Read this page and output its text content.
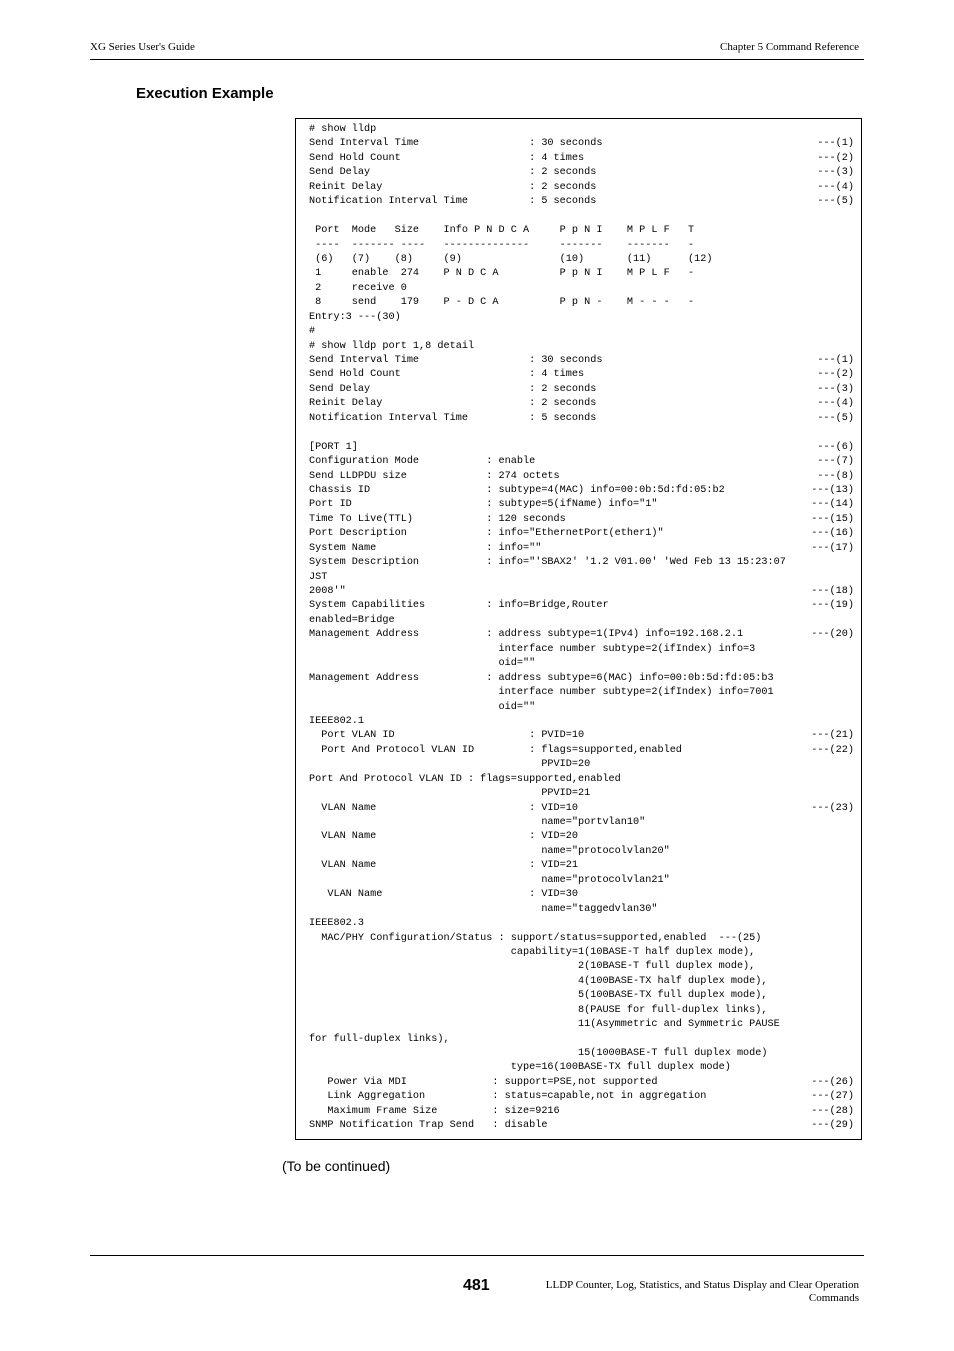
XG Series User's Guide	Chapter 5 Command Reference
Execution Example
# show lldp
Send Interval Time                  : 30 seconds	---(1)
Send Hold Count                     : 4 times	---(2)
Send Delay                          : 2 seconds	---(3)
Reinit Delay                        : 2 seconds	---(4)
Notification Interval Time          : 5 seconds	---(5)
Port  Mode   Size    Info P N D C A     P p N I    M P L F   T
----  ------- ----   --------------     -------    -------   -
(6)   (7)    (8)     (9)                (10)       (11)      (12)
1     enable  274    P N D C A          P p N I    M P L F   -
2     receive 0
8     send    179    P - D C A          P p N -    M - - -   -
Entry:3 ---(30)
#
# show lldp port 1,8 detail
Send Interval Time                  : 30 seconds	---(1)
Send Hold Count                     : 4 times	---(2)
Send Delay                          : 2 seconds	---(3)
Reinit Delay                        : 2 seconds	---(4)
Notification Interval Time          : 5 seconds	---(5)
[PORT 1]	---(6)
Configuration Mode           : enable	---(7)
Send LLDPDU size             : 274 octets	---(8)
Chassis ID                   : subtype=4(MAC) info=00:0b:5d:fd:05:b2	---(13)
Port ID                      : subtype=5(ifName) info="1"	---(14)
Time To Live(TTL)            : 120 seconds	---(15)
Port Description             : info="EthernetPort(ether1)"	---(16)
System Name                  : info=""	---(17)
System Description           : info="'SBAX2' '1.2 V01.00' 'Wed Feb 13 15:23:07
JST
2008'"	---(18)
System Capabilities          : info=Bridge,Router	---(19)
enabled=Bridge
Management Address           : address subtype=1(IPv4) info=192.168.2.1	---(20)
interface number subtype=2(ifIndex) info=3
oid=""
Management Address           : address subtype=6(MAC) info=00:0b:5d:fd:05:b3
interface number subtype=2(ifIndex) info=7001
oid=""
IEEE802.1
Port VLAN ID                      : PVID=10	---(21)
Port And Protocol VLAN ID         : flags=supported,enabled	---(22)
PPVID=20
Port And Protocol VLAN ID : flags=supported,enabled
PPVID=21
VLAN Name                         : VID=10	---(23)
name="portvlan10"
VLAN Name                         : VID=20
name="protocolvlan20"
VLAN Name                         : VID=21
name="protocolvlan21"
VLAN Name                        : VID=30
name="taggedvlan30"
IEEE802.3
MAC/PHY Configuration/Status : support/status=supported,enabled  ---(25)
capability=1(10BASE-T half duplex mode),
2(10BASE-T full duplex mode),
4(100BASE-TX half duplex mode),
5(100BASE-TX full duplex mode),
8(PAUSE for full-duplex links),
11(Asymmetric and Symmetric PAUSE
for full-duplex links),
15(1000BASE-T full duplex mode)
type=16(100BASE-TX full duplex mode)
Power Via MDI              : support=PSE,not supported	---(26)
Link Aggregation           : status=capable,not in aggregation	---(27)
Maximum Frame Size         : size=9216	---(28)
SNMP Notification Trap Send   : disable	---(29)
(To be continued)
481	LLDP Counter, Log, Statistics, and Status Display and Clear Operation
Commands
